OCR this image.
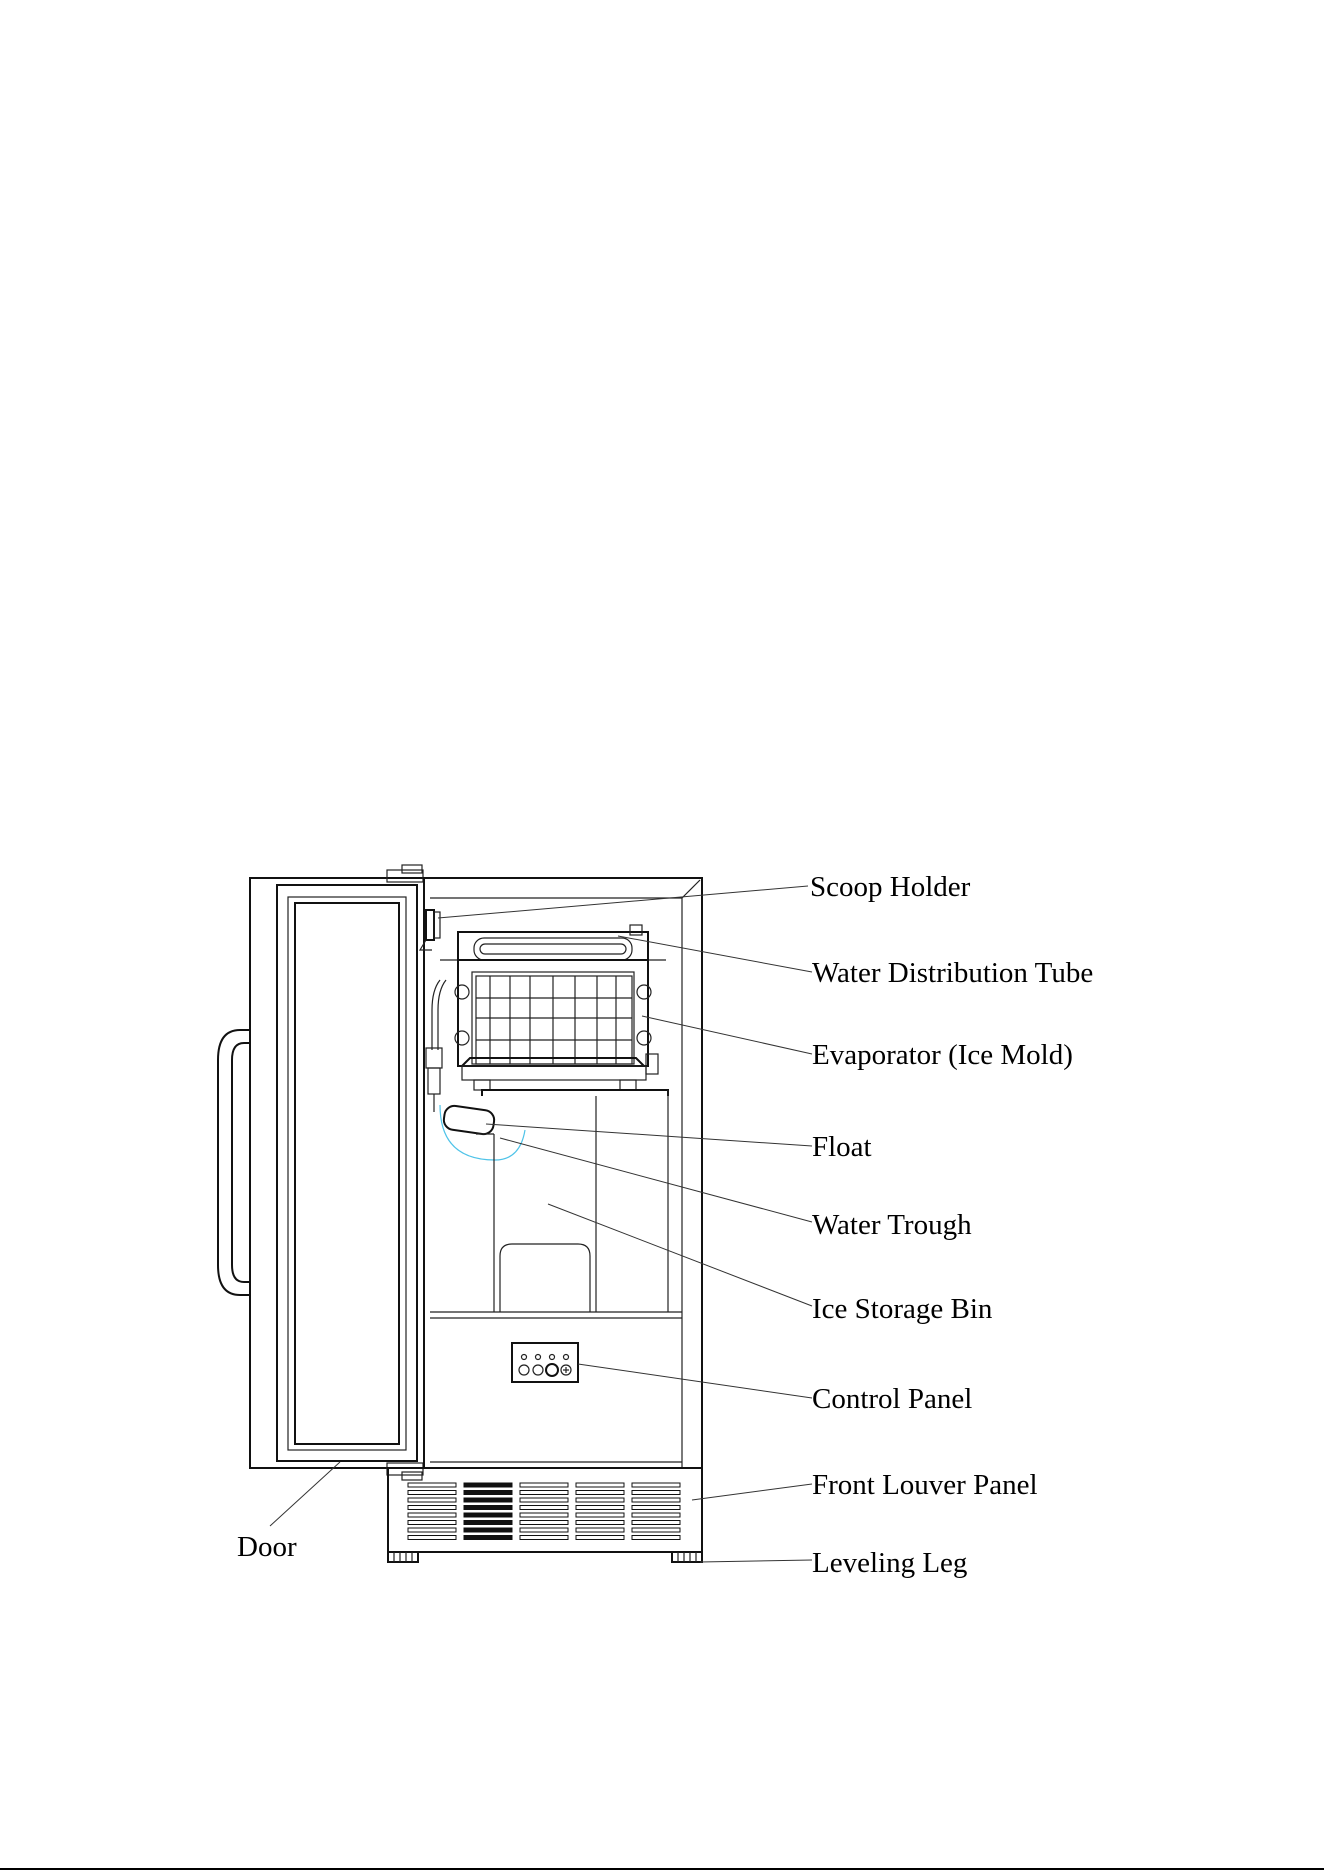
Scoop Holder
Water Distribution Tube
Evaporator (Ice Mold)
Float
Water Trough
Ice Storage Bin
Control Panel
Front Louver Panel
Leveling Leg
Door
